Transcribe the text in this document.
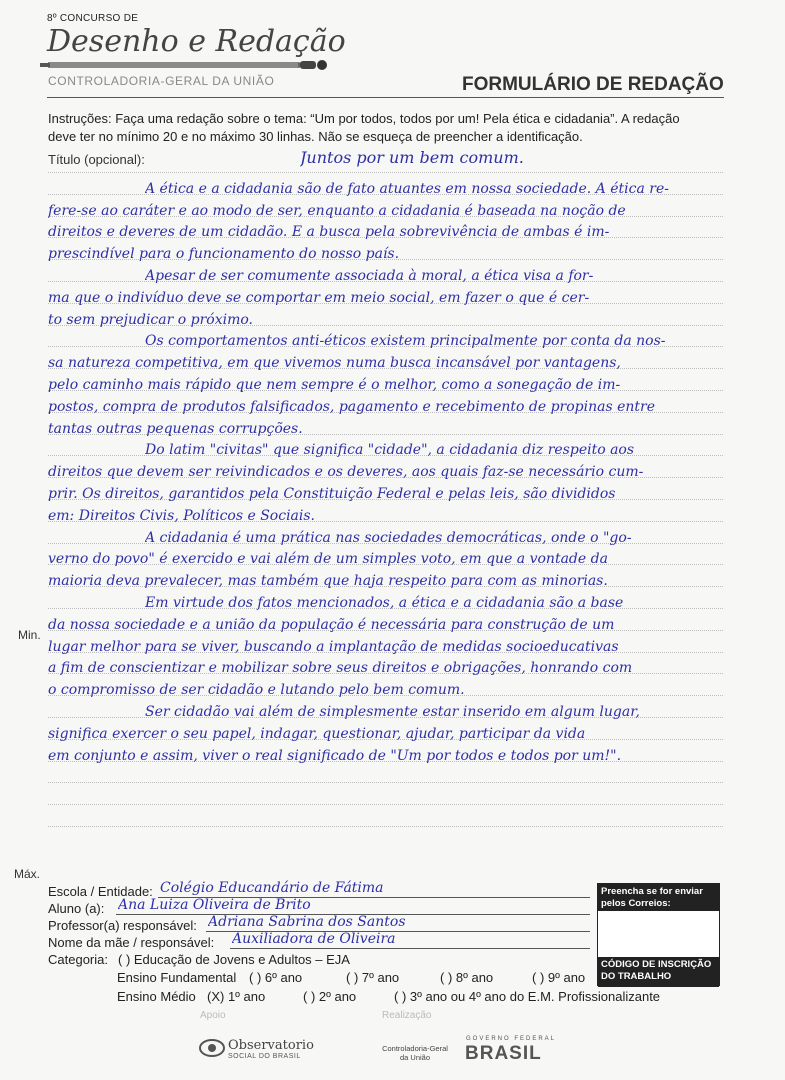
8º CONCURSO DE
Desenho e Redação
CONTROLADORIA-GERAL DA UNIÃO	FORMULÁRIO DE REDAÇÃO
Instruções: Faça uma redação sobre o tema: “Um por todos, todos por um! Pela ética e cidadania”. A redação
deve ter no mínimo 20 e no máximo 30 linhas. Não se esqueça de preencher a identificação.
Título (opcional):	Juntos por um bem comum.
A ética e a cidadania são de fato atuantes em nossa sociedade. A ética re-
fere-se ao caráter e ao modo de ser, enquanto a cidadania é baseada na noção de
direitos e deveres de um cidadão. E a busca pela sobrevivência de ambas é im-
prescindível para o funcionamento do nosso país.
Apesar de ser comumente associada à moral, a ética visa a for-
ma que o indivíduo deve se comportar em meio social, em fazer o que é cer-
to sem prejudicar o próximo.
Os comportamentos anti-éticos existem principalmente por conta da nos-
sa natureza competitiva, em que vivemos numa busca incansável por vantagens,
pelo caminho mais rápido que nem sempre é o melhor, como a sonegação de im-
postos, compra de produtos falsificados, pagamento e recebimento de propinas entre
tantas outras pequenas corrupções.
Do latim "civitas" que significa "cidade", a cidadania diz respeito aos
direitos que devem ser reivindicados e os deveres, aos quais faz-se necessário cum-
prir. Os direitos, garantidos pela Constituição Federal e pelas leis, são divididos
em: Direitos Civis, Políticos e Sociais.
A cidadania é uma prática nas sociedades democráticas, onde o "go-
verno do povo" é exercido e vai além de um simples voto, em que a vontade da
maioria deva prevalecer, mas também que haja respeito para com as minorias.
Em virtude dos fatos mencionados, a ética e a cidadania são a base
da nossa sociedade e a união da população é necessária para construção de um
lugar melhor para se viver, buscando a implantação de medidas socioeducativas
a fim de conscientizar e mobilizar sobre seus direitos e obrigações, honrando com
o compromisso de ser cidadão e lutando pelo bem comum.
Ser cidadão vai além de simplesmente estar inserido em algum lugar,
significa exercer o seu papel, indagar, questionar, ajudar, participar da vida
em conjunto e assim, viver o real significado de "Um por todos e todos por um!".
Min.
Máx.
Escola / Entidade: Colégio Educandário de Fátima
Aluno (a): Ana Luiza Oliveira de Brito
Professor(a) responsável: Adriana Sabrina dos Santos
Nome da mãe / responsável: Auxiliadora de Oliveira
Categoria: ( ) Educação de Jovens e Adultos – EJA
Ensino Fundamental ( ) 6º ano	( ) 7º ano	( ) 8º ano	( ) 9º ano
Ensino Médio (X) 1º ano	( ) 2º ano	( ) 3º ano ou 4º ano do E.M. Profissionalizante
Preencha se for enviar pelos Correios:
CÓDIGO DE INSCRIÇÃO DO TRABALHO
Apoio	Realização
Observatorio
SOCIAL DO BRASIL
Controladoria-Geral da União
GOVERNO FEDERAL
BRASIL
